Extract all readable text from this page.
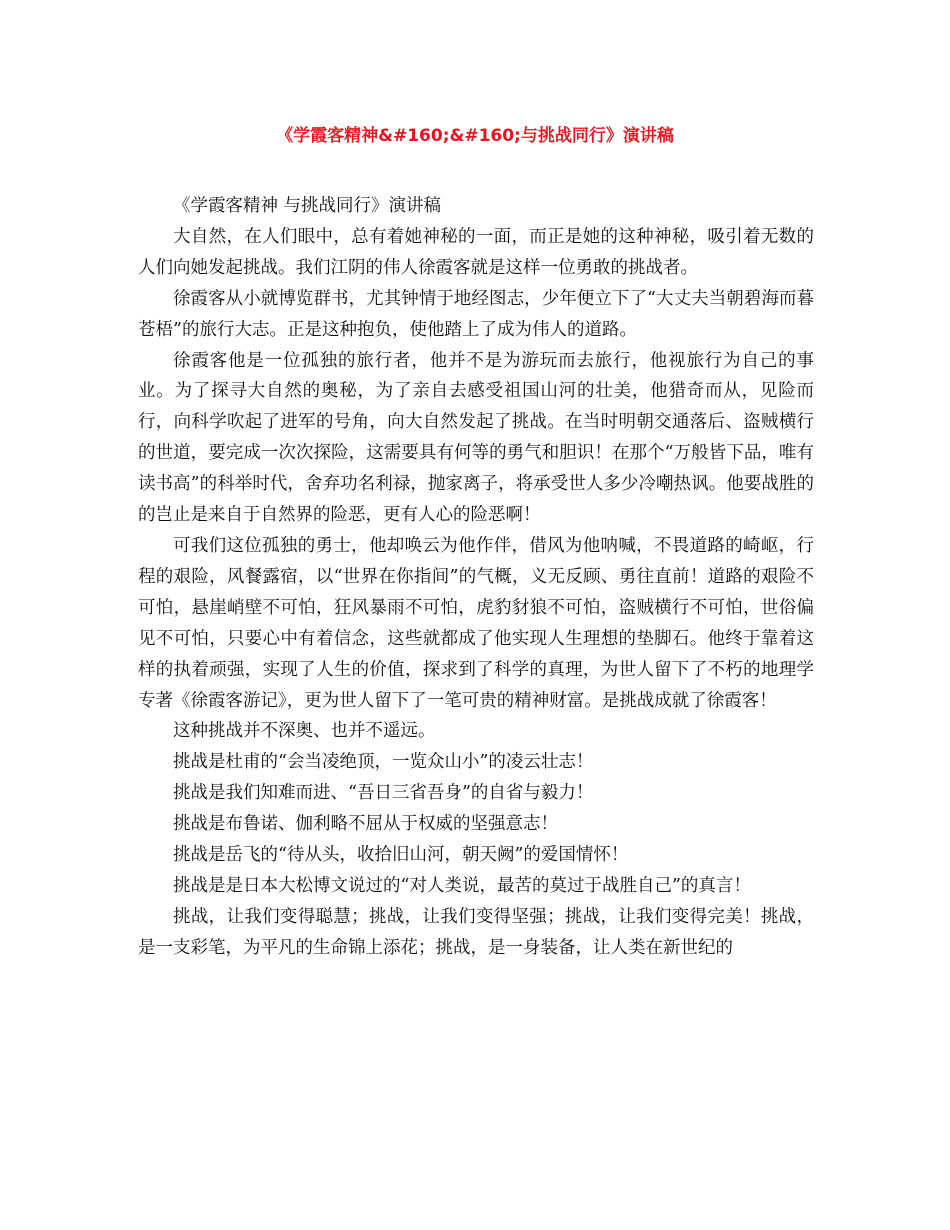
《学霞客精神&#160;&#160;与挑战同行》演讲稿

《学霞客精神 与挑战同行》演讲稿

大自然，在人们眼中，总有着她神秘的一面，而正是她的这种神秘，吸引着无数的人们向她发起挑战。我们江阴的伟人徐霞客就是这样一位勇敢的挑战者。

徐霞客从小就博览群书，尤其钟情于地经图志，少年便立下了“大丈夫当朝碧海而暮苍梧”的旅行大志。正是这种抱负，使他踏上了成为伟人的道路。

徐霞客他是一位孤独的旅行者，他并不是为游玩而去旅行，他视旅行为自己的事业。为了探寻大自然的奥秘，为了亲自去感受祖国山河的壮美，他猎奇而从，见险而行，向科学吹起了进军的号角，向大自然发起了挑战。在当时明朝交通落后、盗贼横行的世道，要完成一次次探险，这需要具有何等的勇气和胆识！在那个“万般皆下品，唯有读书高”的科举时代，舍弃功名利禄，抛家离子，将承受世人多少冷嘲热讽。他要战胜的的岂止是来自于自然界的险恶，更有人心的险恶啊！

可我们这位孤独的勇士，他却唤云为他作伴，借风为他呐喊，不畏道路的崎岖，行程的艰险，风餐露宿，以“世界在你指间”的气概，义无反顾、勇往直前！道路的艰险不可怕，悬崖峭壁不可怕，狂风暴雨不可怕，虎豹豺狼不可怕，盗贼横行不可怕，世俗偏见不可怕，只要心中有着信念，这些就都成了他实现人生理想的垫脚石。他终于靠着这样的执着顽强，实现了人生的价值，探求到了科学的真理，为世人留下了不朽的地理学专著《徐霞客游记》，更为世人留下了一笔可贵的精神财富。是挑战成就了徐霞客！

这种挑战并不深奥、也并不遥远。

挑战是杜甫的“会当凌绝顶，一览众山小”的凌云壮志！

挑战是我们知难而进、“吾日三省吾身”的自省与毅力！

挑战是布鲁诺、伽利略不屈从于权威的坚强意志！

挑战是岳飞的“待从头，收拾旧山河，朝天阙”的爱国情怀！

挑战是是日本大松博文说过的“对人类说，最苦的莫过于战胜自己”的真言！

挑战，让我们变得聪慧；挑战，让我们变得坚强；挑战，让我们变得完美！挑战，是一支彩笔，为平凡的生命锦上添花；挑战，是一身装备，让人类在新世纪的
